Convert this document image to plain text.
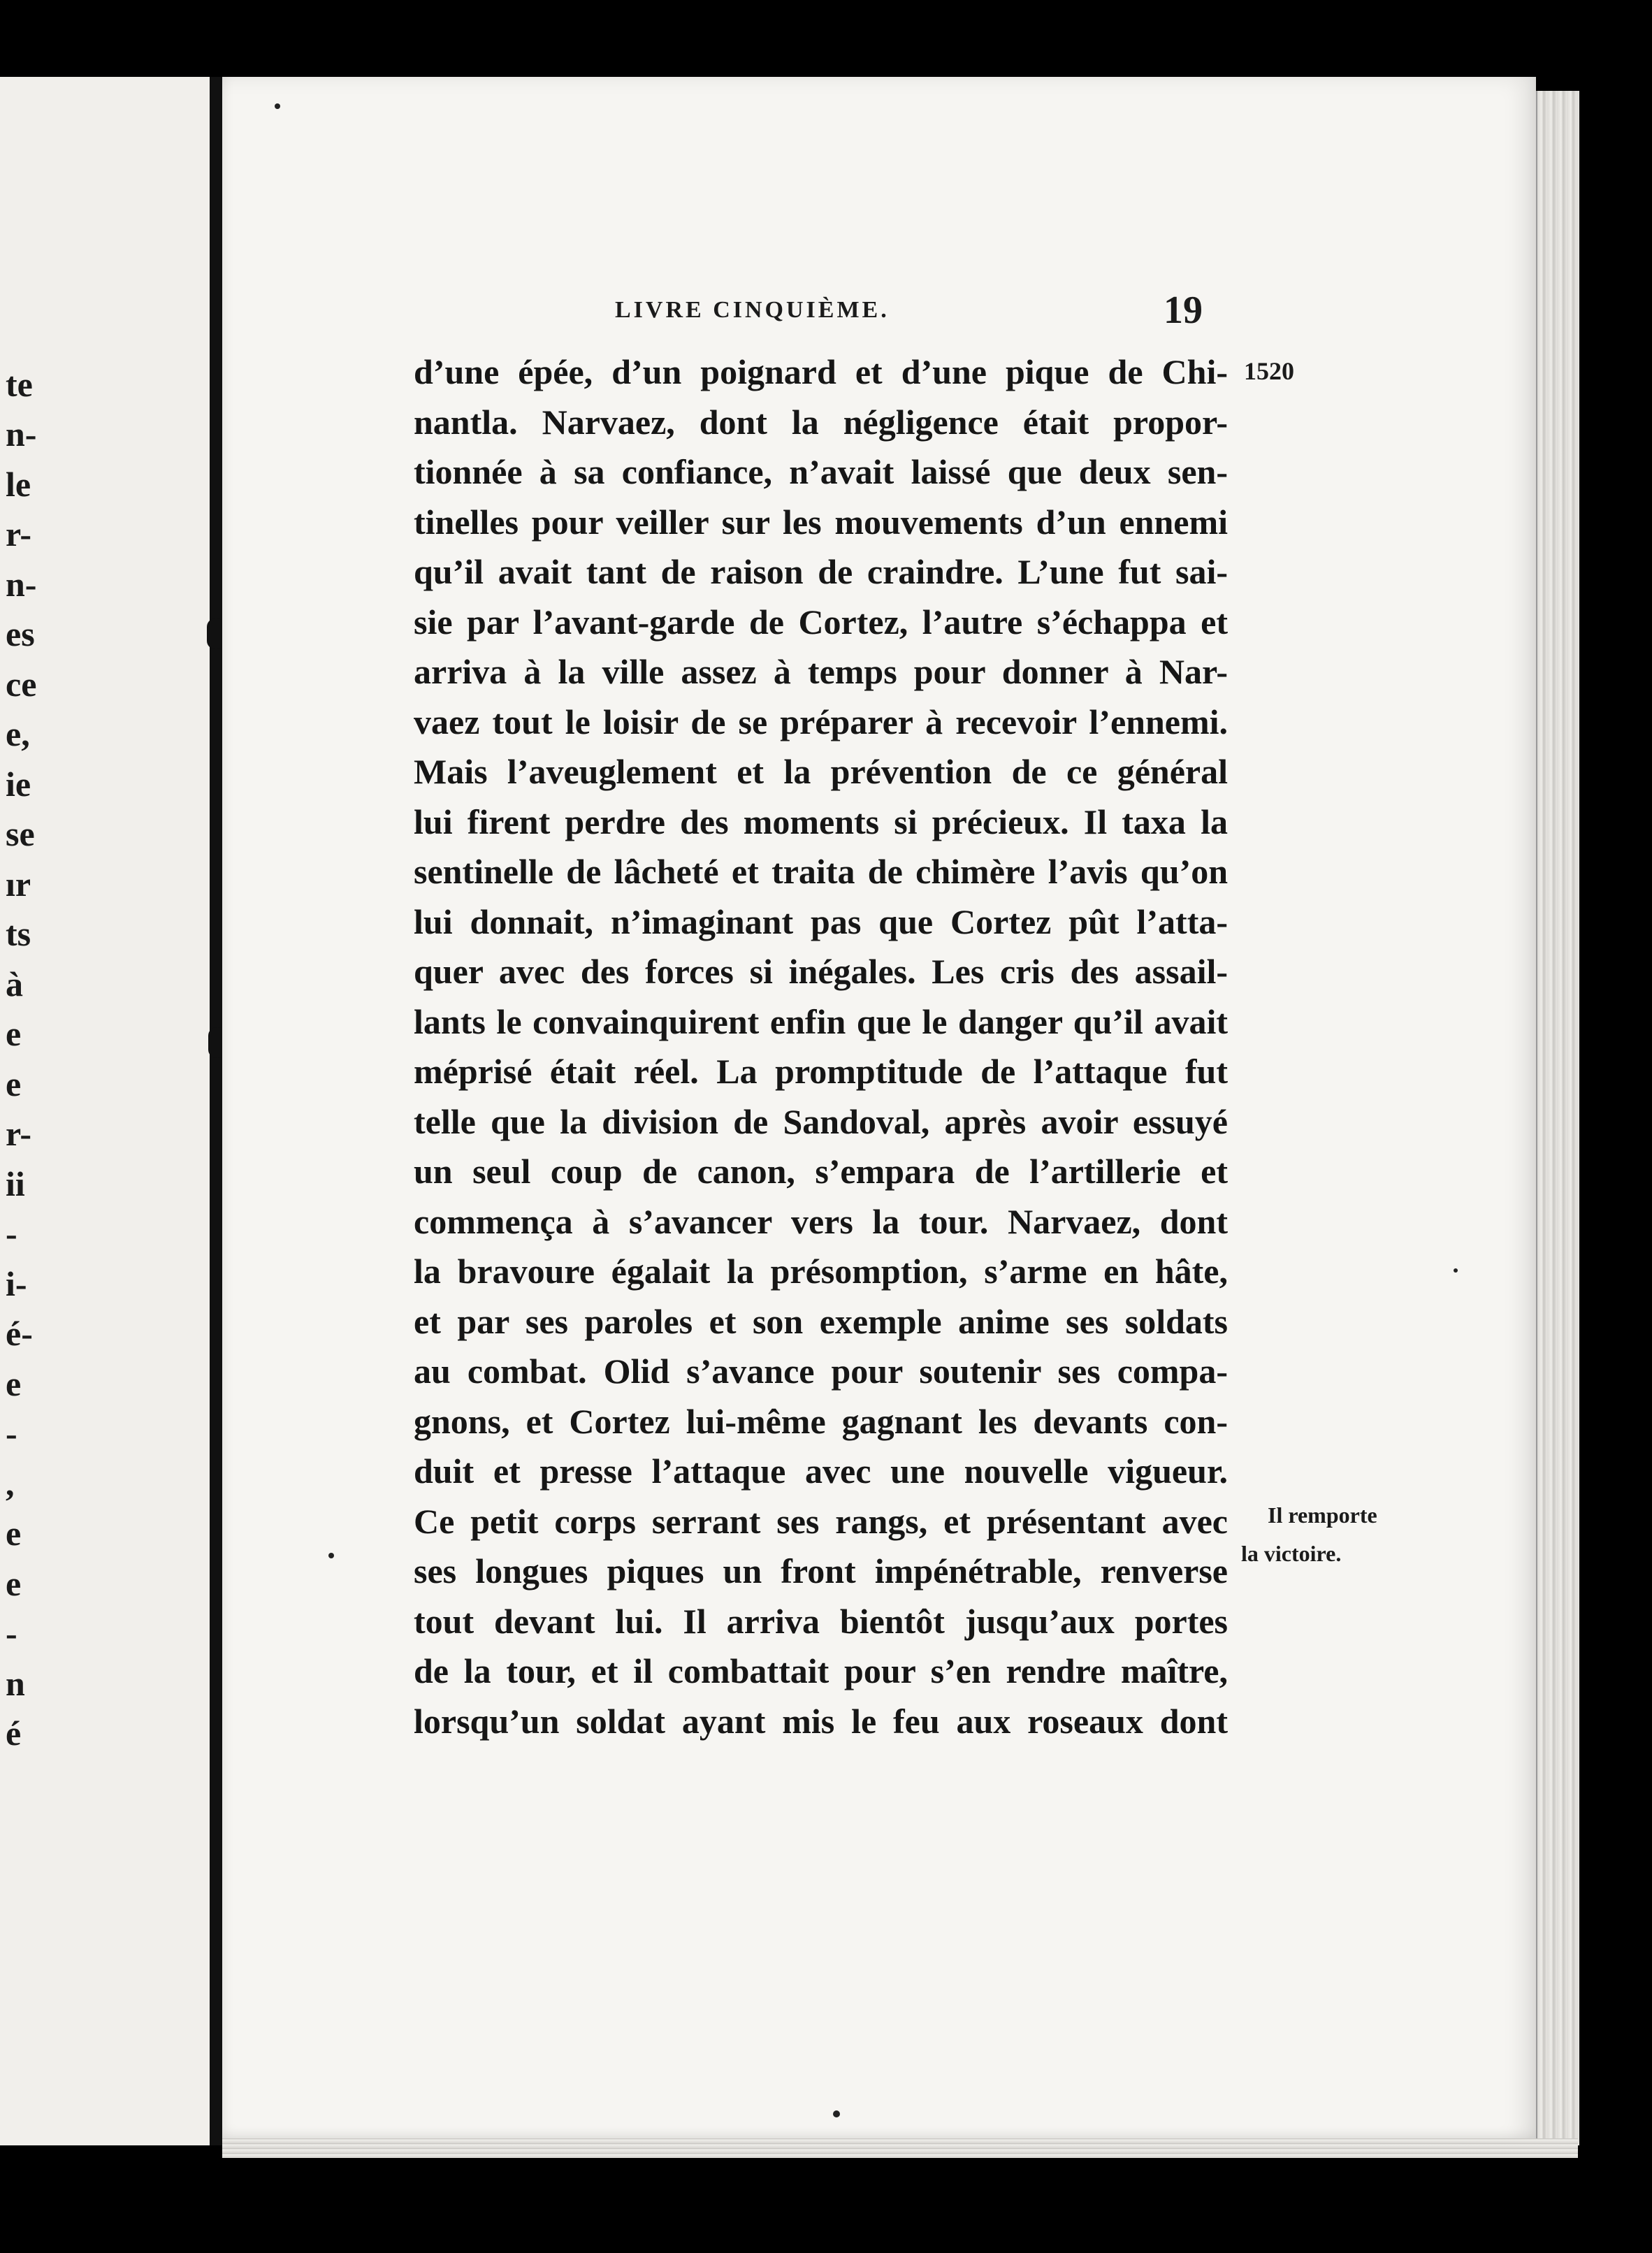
te
n-
le
r-
n-
es
ce
e,
ie
se
ır
ts
à
e
e
r-
ii
-
i-
é-
e
-
,
e
e
-
n
é
LIVRE CINQUIÈME.	19
1520
Il remporte
la victoire.
d’une épée, d’un poignard et d’une pique de Chi-
nantla. Narvaez, dont la négligence était propor-
tionnée à sa confiance, n’avait laissé que deux sen-
tinelles pour veiller sur les mouvements d’un ennemi
qu’il avait tant de raison de craindre. L’une fut sai-
sie par l’avant-garde de Cortez, l’autre s’échappa et
arriva à la ville assez à temps pour donner à Nar-
vaez tout le loisir de se préparer à recevoir l’ennemi.
Mais l’aveuglement et la prévention de ce général
lui firent perdre des moments si précieux. Il taxa la
sentinelle de lâcheté et traita de chimère l’avis qu’on
lui donnait, n’imaginant pas que Cortez pût l’atta-
quer avec des forces si inégales. Les cris des assail-
lants le convainquirent enfin que le danger qu’il avait
méprisé était réel. La promptitude de l’attaque fut
telle que la division de Sandoval, après avoir essuyé
un seul coup de canon, s’empara de l’artillerie et
commença à s’avancer vers la tour. Narvaez, dont
la bravoure égalait la présomption, s’arme en hâte,
et par ses paroles et son exemple anime ses soldats
au combat. Olid s’avance pour soutenir ses compa-
gnons, et Cortez lui-même gagnant les devants con-
duit et presse l’attaque avec une nouvelle vigueur.
Ce petit corps serrant ses rangs, et présentant avec
ses longues piques un front impénétrable, renverse
tout devant lui. Il arriva bientôt jusqu’aux portes
de la tour, et il combattait pour s’en rendre maître,
lorsqu’un soldat ayant mis le feu aux roseaux dont
